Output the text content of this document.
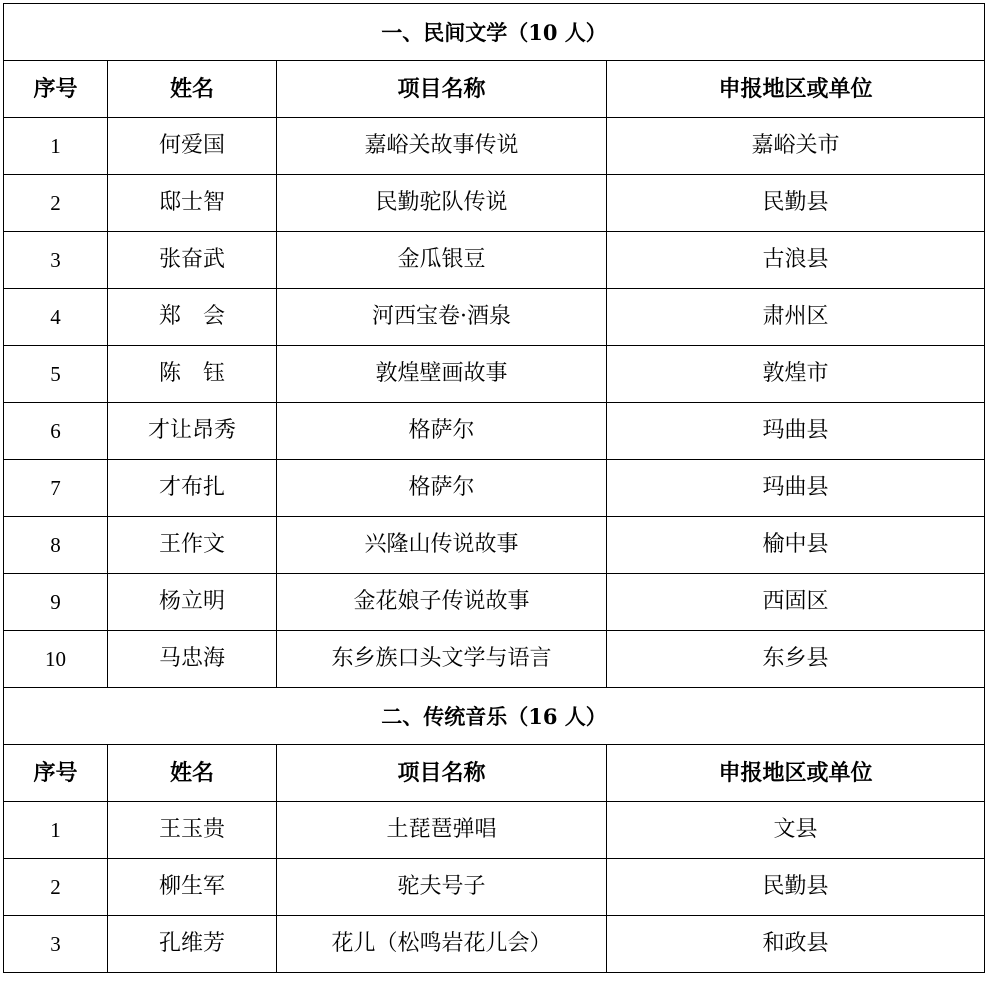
一、民间文学（10 人）			
序号	姓名	项目名称	申报地区或单位
1	何爱国	嘉峪关故事传说	嘉峪关市
2	邸士智	民勤驼队传说	民勤县
3	张奋武	金瓜银豆	古浪县
4	郑　会	河西宝卷·酒泉	肃州区
5	陈　钰	敦煌壁画故事	敦煌市
6	才让昂秀	格萨尔	玛曲县
7	才布扎	格萨尔	玛曲县
8	王作文	兴隆山传说故事	榆中县
9	杨立明	金花娘子传说故事	西固区
10	马忠海	东乡族口头文学与语言	东乡县
二、传统音乐（16 人）			
序号	姓名	项目名称	申报地区或单位
1	王玉贵	土琵琶弹唱	文县
2	柳生军	驼夫号子	民勤县
3	孔维芳	花儿（松鸣岩花儿会）	和政县
